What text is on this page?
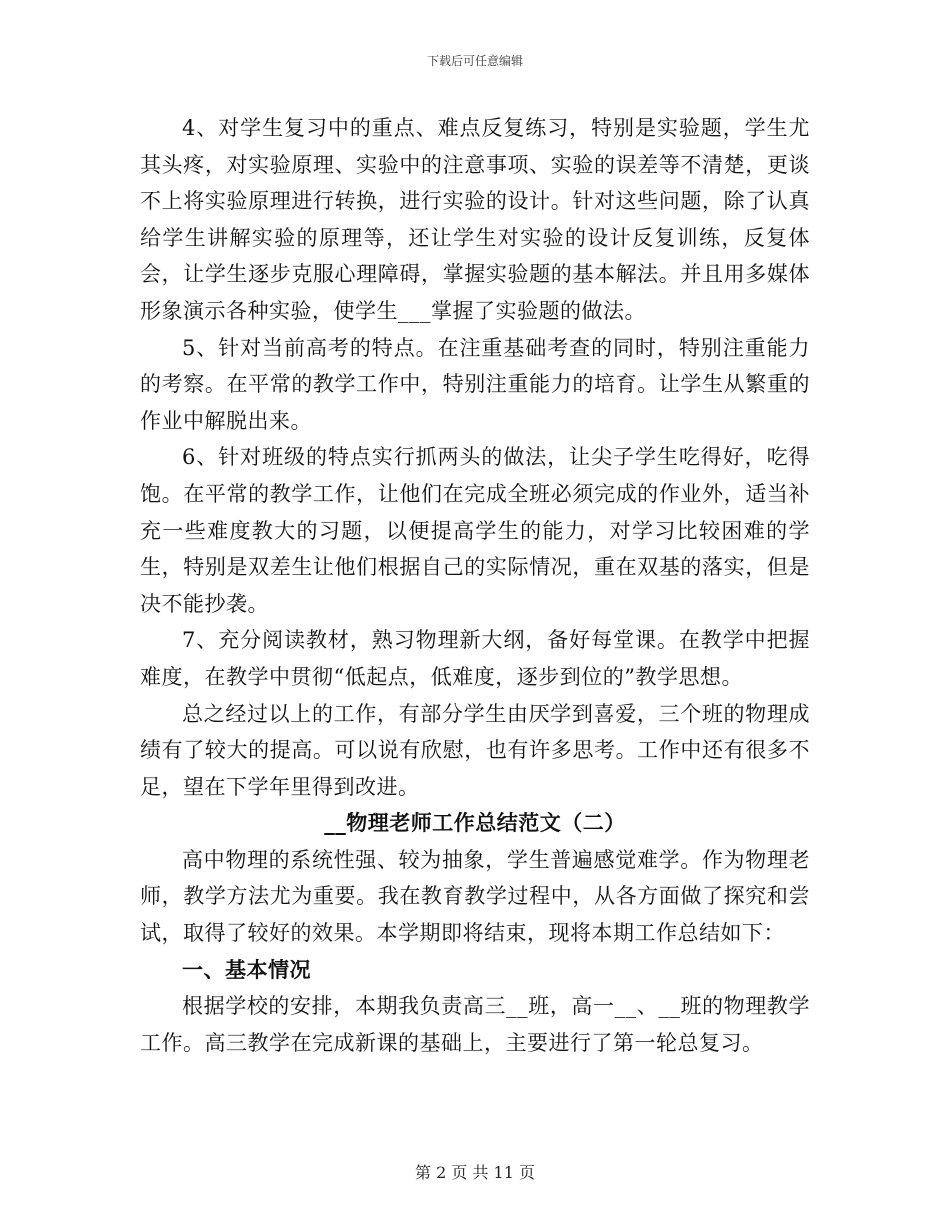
下载后可任意编辑

4、对学生复习中的重点、难点反复练习，特别是实验题，学生尤其头疼，对实验原理、实验中的注意事项、实验的误差等不清楚，更谈不上将实验原理进行转换，进行实验的设计。针对这些问题，除了认真给学生讲解实验的原理等，还让学生对实验的设计反复训练，反复体会，让学生逐步克服心理障碍，掌握实验题的基本解法。并且用多媒体形象演示各种实验，使学生___掌握了实验题的做法。

5、针对当前高考的特点。在注重基础考查的同时，特别注重能力的考察。在平常的教学工作中，特别注重能力的培育。让学生从繁重的作业中解脱出来。

6、针对班级的特点实行抓两头的做法，让尖子学生吃得好，吃得饱。在平常的教学工作，让他们在完成全班必须完成的作业外，适当补充一些难度教大的习题，以便提高学生的能力，对学习比较困难的学生，特别是双差生让他们根据自己的实际情况，重在双基的落实，但是决不能抄袭。

7、充分阅读教材，熟习物理新大纲，备好每堂课。在教学中把握难度，在教学中贯彻“低起点，低难度，逐步到位的”教学思想。

总之经过以上的工作，有部分学生由厌学到喜爱，三个班的物理成绩有了较大的提高。可以说有欣慰，也有许多思考。工作中还有很多不足，望在下学年里得到改进。

__物理老师工作总结范文（二）

高中物理的系统性强、较为抽象，学生普遍感觉难学。作为物理老师，教学方法尤为重要。我在教育教学过程中，从各方面做了探究和尝试，取得了较好的效果。本学期即将结束，现将本期工作总结如下：

一、基本情况

根据学校的安排，本期我负责高三__班，高一__、__班的物理教学工作。高三教学在完成新课的基础上，主要进行了第一轮总复习。

第 2 页 共 11 页
